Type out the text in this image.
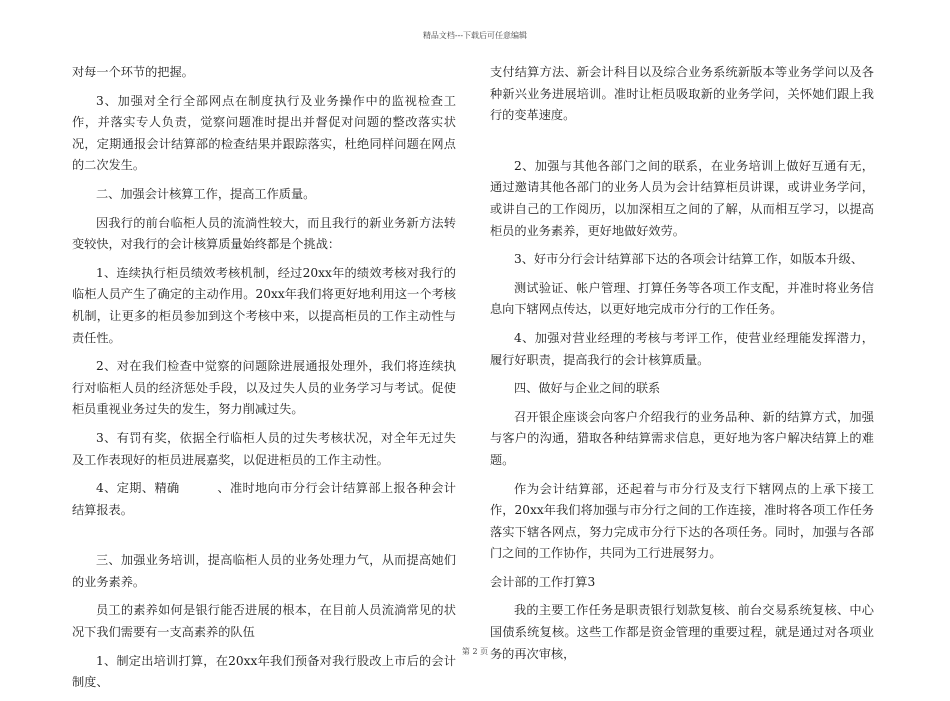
精品文档---下载后可任意编辑

对每一个环节的把握。

3、加强对全行全部网点在制度执行及业务操作中的监视检查工作，并落实专人负责，觉察问题准时提出并督促对问题的整改落实状况，定期通报会计结算部的检查结果并跟踪落实，杜绝同样问题在网点的二次发生。

二、加强会计核算工作，提高工作质量。

因我行的前台临柜人员的流淌性较大，而且我行的新业务新方法转变较快，对我行的会计核算质量始终都是个挑战：

1、连续执行柜员绩效考核机制，经过20xx年的绩效考核对我行的临柜人员产生了确定的主动作用。20xx年我们将更好地利用这一个考核机制，让更多的柜员参加到这个考核中来，以提高柜员的工作主动性与责任性。

2、对在我们检查中觉察的问题除进展通报处理外，我们将连续执行对临柜人员的经济惩处手段，以及过失人员的业务学习与考试。促使柜员重视业务过失的发生，努力削减过失。

3、有罚有奖，依据全行临柜人员的过失考核状况，对全年无过失及工作表现好的柜员进展嘉奖，以促进柜员的工作主动性。

4、定期、精确　　　、准时地向市分行会计结算部上报各种会计结算报表。

三、加强业务培训，提高临柜人员的业务处理力气，从而提高她们的业务素养。

员工的素养如何是银行能否进展的根本，在目前人员流淌常见的状况下我们需要有一支高素养的队伍

1、制定出培训打算，在20xx年我们预备对我行股改上市后的会计制度、

支付结算方法、新会计科目以及综合业务系统新版本等业务学问以及各种新兴业务进展培训。准时让柜员吸取新的业务学问，关怀她们跟上我行的变革速度。

2、加强与其他各部门之间的联系，在业务培训上做好互通有无，通过邀请其他各部门的业务人员为会计结算柜员讲课，或讲业务学问，或讲自己的工作阅历，以加深相互之间的了解，从而相互学习，以提高柜员的业务素养，更好地做好效劳。

3、好市分行会计结算部下达的各项会计结算工作，如版本升级、

测试验证、帐户管理、打算任务等各项工作支配，并准时将业务信息向下辖网点传达，以更好地完成市分行的工作任务。

4、加强对营业经理的考核与考评工作，使营业经理能发挥潜力，履行好职责，提高我行的会计核算质量。

四、做好与企业之间的联系

召开银企座谈会向客户介绍我行的业务品种、新的结算方式，加强与客户的沟通，猎取各种结算需求信息，更好地为客户解决结算上的难题。

作为会计结算部，还起着与市分行及支行下辖网点的上承下接工作，20xx年我们将加强与市分行之间的工作连接，准时将各项工作任务落实下辖各网点，努力完成市分行下达的各项任务。同时，加强与各部门之间的工作协作，共同为工行进展努力。

会计部的工作打算3

我的主要工作任务是职责银行划款复核、前台交易系统复核、中心国债系统复核。这些工作都是资金管理的重要过程，就是通过对各项业务的再次审核，

第 2 页
